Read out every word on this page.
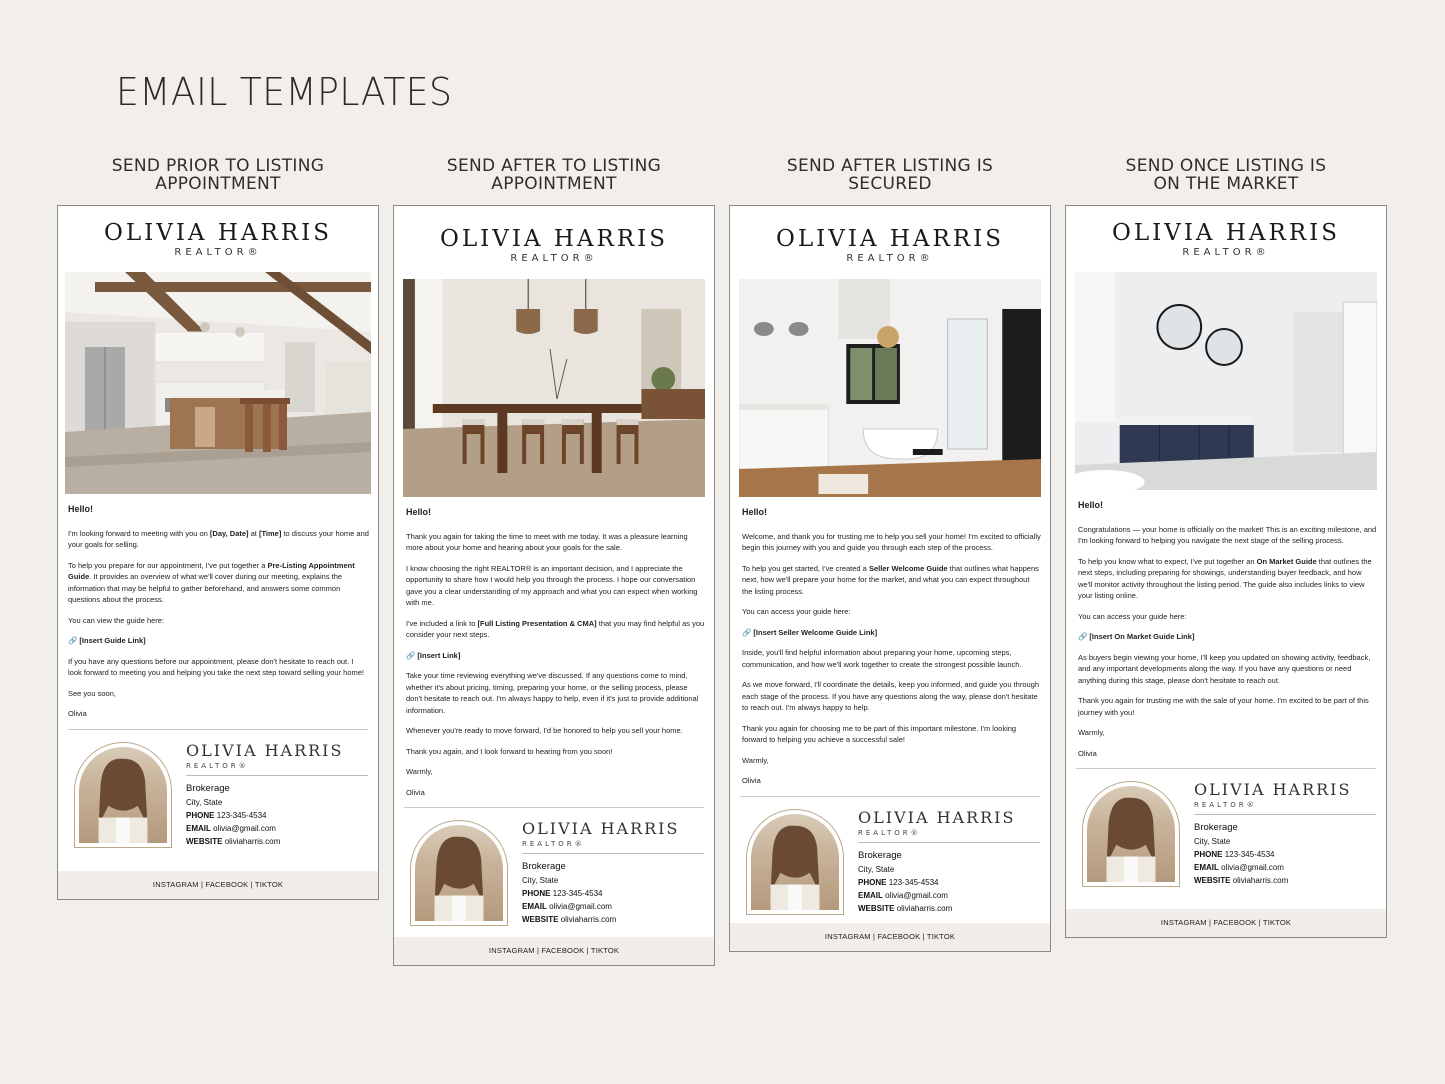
EMAIL TEMPLATES
SEND PRIOR TO LISTING
APPOINTMENT
SEND AFTER TO LISTING
APPOINTMENT
SEND AFTER LISTING IS
SECURED
SEND ONCE LISTING IS
ON THE MARKET
OLIVIA HARRIS
REALTOR®

Hello!

I'm looking forward to meeting with you on [Day, Date] at [Time] to discuss your home and your goals for selling.

To help you prepare for our appointment, I've put together a Pre-Listing Appointment Guide. It provides an overview of what we'll cover during our meeting, explains the information that may be helpful to gather beforehand, and answers some common questions about the process.

You can view the guide here:

🔗 [Insert Guide Link]

If you have any questions before our appointment, please don't hesitate to reach out. I look forward to meeting you and helping you take the next step toward selling your home!

See you soon,

Olivia

OLIVIA HARRIS
REALTOR®
Brokerage
City, State
PHONE 123-345-4534
EMAIL olivia@gmail.com
WEBSITE oliviaharris.com
INSTAGRAM | FACEBOOK | TIKTOK
OLIVIA HARRIS
REALTOR®

Hello!

Thank you again for taking the time to meet with me today. It was a pleasure learning more about your home and hearing about your goals for the sale.

I know choosing the right REALTOR® is an important decision, and I appreciate the opportunity to share how I would help you through the process. I hope our conversation gave you a clear understanding of my approach and what you can expect when working with me.

I've included a link to [Full Listing Presentation & CMA] that you may find helpful as you consider your next steps.

🔗 [Insert Link]

Take your time reviewing everything we've discussed. If any questions come to mind, whether it's about pricing, timing, preparing your home, or the selling process, please don't hesitate to reach out. I'm always happy to help, even if it's just to provide additional information.

Whenever you're ready to move forward, I'd be honored to help you sell your home.

Thank you again, and I look forward to hearing from you soon!

Warmly,

Olivia

OLIVIA HARRIS
REALTOR®
Brokerage
City, State
PHONE 123-345-4534
EMAIL olivia@gmail.com
WEBSITE oliviaharris.com
INSTAGRAM | FACEBOOK | TIKTOK
OLIVIA HARRIS
REALTOR®

Hello!

Welcome, and thank you for trusting me to help you sell your home! I'm excited to officially begin this journey with you and guide you through each step of the process.

To help you get started, I've created a Seller Welcome Guide that outlines what happens next, how we'll prepare your home for the market, and what you can expect throughout the listing process.

You can access your guide here:

🔗 [Insert Seller Welcome Guide Link]

Inside, you'll find helpful information about preparing your home, upcoming steps, communication, and how we'll work together to create the strongest possible launch.

As we move forward, I'll coordinate the details, keep you informed, and guide you through each stage of the process. If you have any questions along the way, please don't hesitate to reach out. I'm always happy to help.

Thank you again for choosing me to be part of this important milestone. I'm looking forward to helping you achieve a successful sale!

Warmly,

Olivia

OLIVIA HARRIS
REALTOR®
Brokerage
City, State
PHONE 123-345-4534
EMAIL olivia@gmail.com
WEBSITE oliviaharris.com
INSTAGRAM | FACEBOOK | TIKTOK
OLIVIA HARRIS
REALTOR®

Hello!

Congratulations — your home is officially on the market! This is an exciting milestone, and I'm looking forward to helping you navigate the next stage of the selling process.

To help you know what to expect, I've put together an On Market Guide that outlines the next steps, including preparing for showings, understanding buyer feedback, and how we'll monitor activity throughout the listing period. The guide also includes links to view your listing online.

You can access your guide here:

🔗 [Insert On Market Guide Link]

As buyers begin viewing your home, I'll keep you updated on showing activity, feedback, and any important developments along the way. If you have any questions or need anything during this stage, please don't hesitate to reach out.

Thank you again for trusting me with the sale of your home. I'm excited to be part of this journey with you!

Warmly,

Olivia

OLIVIA HARRIS
REALTOR®
Brokerage
City, State
PHONE 123-345-4534
EMAIL olivia@gmail.com
WEBSITE oliviaharris.com
INSTAGRAM | FACEBOOK | TIKTOK
